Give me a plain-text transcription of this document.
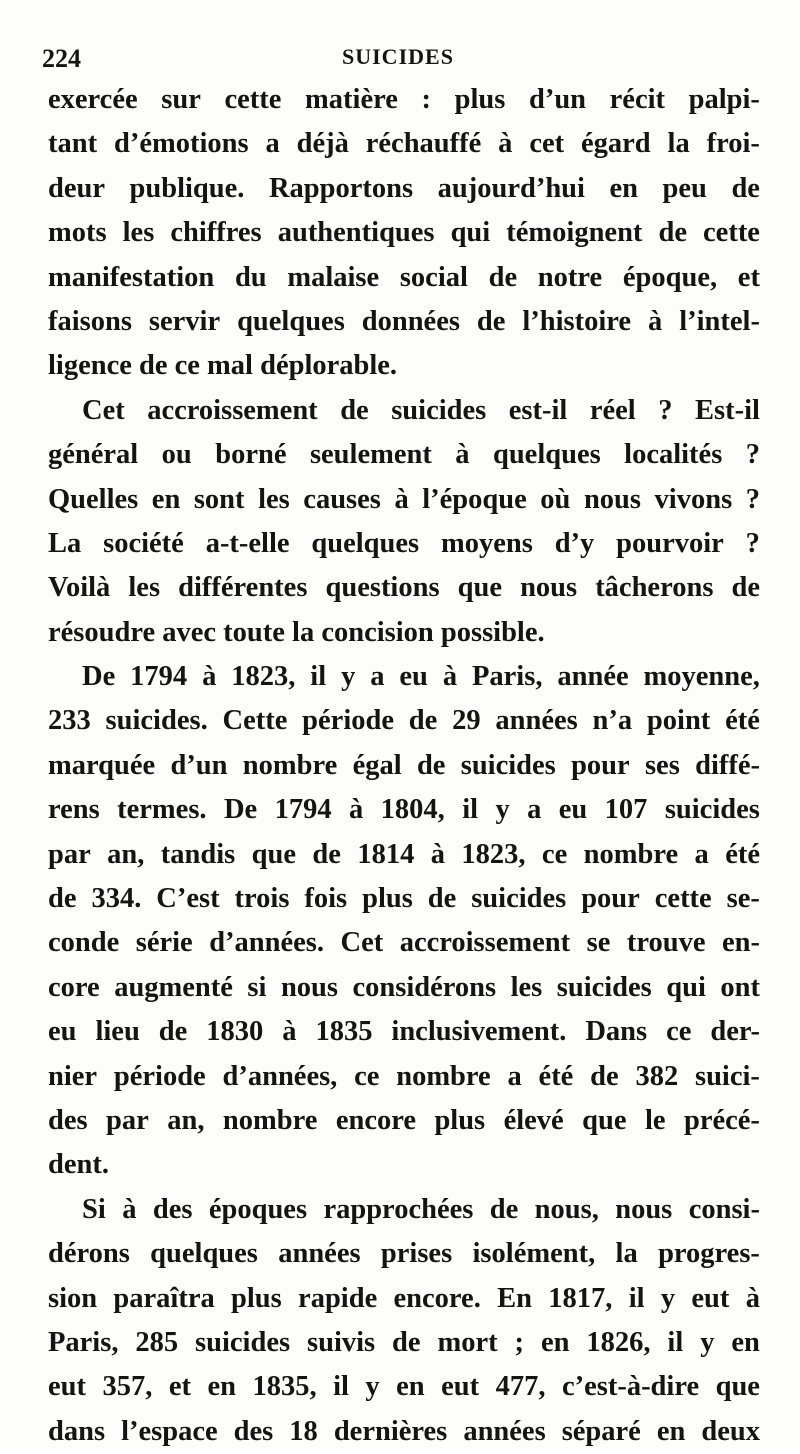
224	SUICIDES
exercée sur cette matière : plus d’un récit palpi-
tant d’émotions a déjà réchauffé à cet égard la froi-
deur publique. Rapportons aujourd’hui en peu de
mots les chiffres authentiques qui témoignent de cette
manifestation du malaise social de notre époque, et
faisons servir quelques données de l’histoire à l’intel-
ligence de ce mal déplorable.
Cet accroissement de suicides est-il réel ? Est-il
général ou borné seulement à quelques localités ?
Quelles en sont les causes à l’époque où nous vivons ?
La société a-t-elle quelques moyens d’y pourvoir ?
Voilà les différentes questions que nous tâcherons de
résoudre avec toute la concision possible.
De 1794 à 1823, il y a eu à Paris, année moyenne,
233 suicides. Cette période de 29 années n’a point été
marquée d’un nombre égal de suicides pour ses diffé-
rens termes. De 1794 à 1804, il y a eu 107 suicides
par an, tandis que de 1814 à 1823, ce nombre a été
de 334. C’est trois fois plus de suicides pour cette se-
conde série d’années. Cet accroissement se trouve en-
core augmenté si nous considérons les suicides qui ont
eu lieu de 1830 à 1835 inclusivement. Dans ce der-
nier période d’années, ce nombre a été de 382 suici-
des par an, nombre encore plus élevé que le précé-
dent.
Si à des époques rapprochées de nous, nous consi-
dérons quelques années prises isolément, la progres-
sion paraîtra plus rapide encore. En 1817, il y eut à
Paris, 285 suicides suivis de mort ; en 1826, il y en
eut 357, et en 1835, il y en eut 477, c’est-à-dire que
dans l’espace des 18 dernières années séparé en deux
